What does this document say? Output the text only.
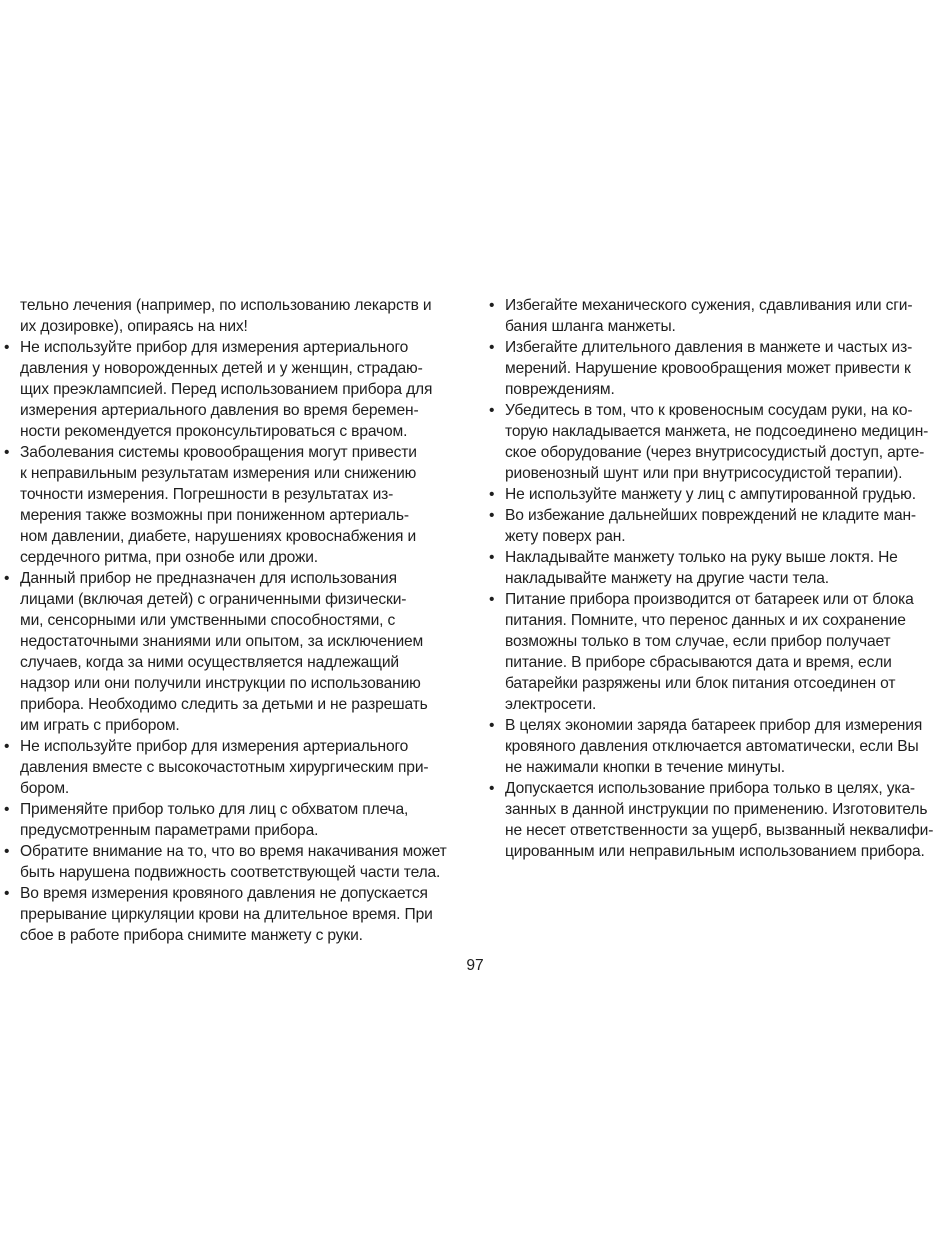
тельно лечения (например, по использованию лекарств и
их дозировке), опираясь на них!
• Не используйте прибор для измерения артериального
давления у новорожденных детей и у женщин, страдаю-
щих преэклампсией. Перед использованием прибора для
измерения артериального давления во время беремен-
ности рекомендуется проконсультироваться с врачом.
• Заболевания системы кровообращения могут привести
к неправильным результатам измерения или снижению
точности измерения. Погрешности в результатах из-
мерения также возможны при пониженном артериаль-
ном давлении, диабете, нарушениях кровоснабжения и
сердечного ритма, при ознобе или дрожи.
• Данный прибор не предназначен для использования
лицами (включая детей) с ограниченными физически-
ми, сенсорными или умственными способностями, с
недостаточными знаниями или опытом, за исключением
случаев, когда за ними осуществляется надлежащий
надзор или они получили инструкции по использованию
прибора. Необходимо следить за детьми и не разрешать
им играть с прибором.
• Не используйте прибор для измерения артериального
давления вместе с высокочастотным хирургическим при-
бором.
• Применяйте прибор только для лиц с обхватом плеча,
предусмотренным параметрами прибора.
• Обратите внимание на то, что во время накачивания может
быть нарушена подвижность соответствующей части тела.
• Во время измерения кровяного давления не допускается
прерывание циркуляции крови на длительное время. При
сбое в работе прибора снимите манжету с руки.
• Избегайте механического сужения, сдавливания или сги-
бания шланга манжеты.
• Избегайте длительного давления в манжете и частых из-
мерений. Нарушение кровообращения может привести к
повреждениям.
• Убедитесь в том, что к кровеносным сосудам руки, на ко-
торую накладывается манжета, не подсоединено медицин-
ское оборудование (через внутрисосудистый доступ, арте-
риовенозный шунт или при внутрисосудистой терапии).
• Не используйте манжету у лиц с ампутированной грудью.
• Во избежание дальнейших повреждений не кладите ман-
жету поверх ран.
• Накладывайте манжету только на руку выше локтя. Не
накладывайте манжету на другие части тела.
• Питание прибора производится от батареек или от блока
питания. Помните, что перенос данных и их сохранение
возможны только в том случае, если прибор получает
питание. В приборе сбрасываются дата и время, если
батарейки разряжены или блок питания отсоединен от
электросети.
• В целях экономии заряда батареек прибор для измерения
кровяного давления отключается автоматически, если Вы
не нажимали кнопки в течение минуты.
• Допускается использование прибора только в целях, ука-
занных в данной инструкции по применению. Изготовитель
не несет ответственности за ущерб, вызванный неквалифи-
цированным или неправильным использованием прибора.
97
